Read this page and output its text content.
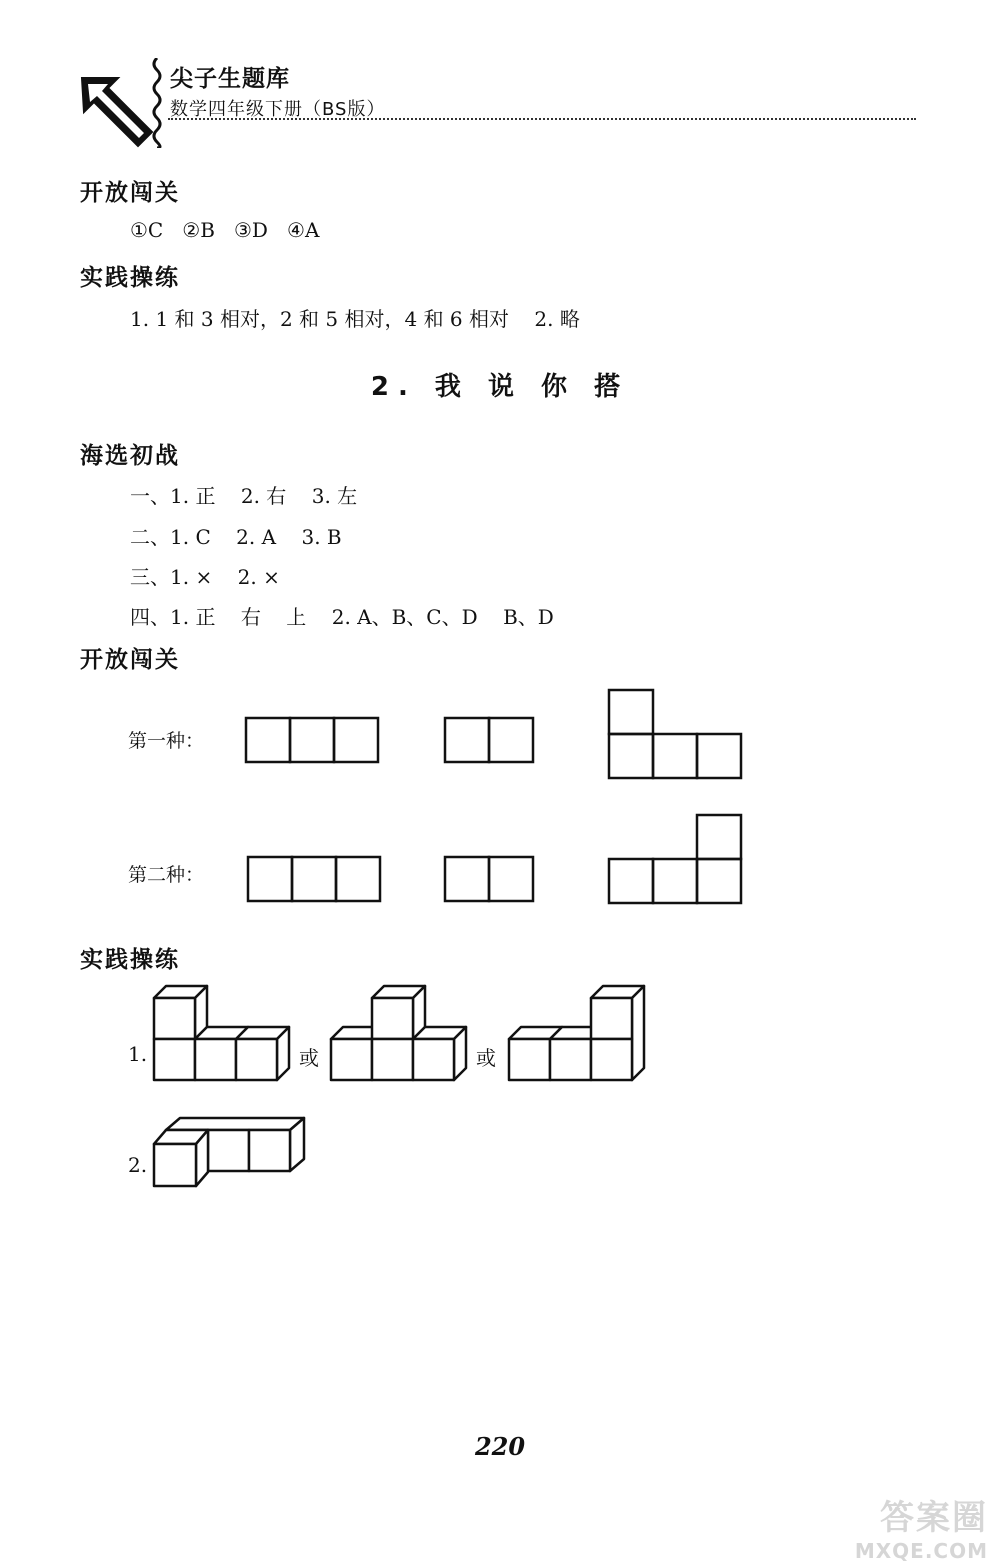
尖子生题库
数学四年级下册（BS版）
开放闯关
①C   ②B   ③D   ④A
实践操练
1. 1 和 3 相对，2 和 5 相对，4 和 6 相对    2. 略
2. 我 说 你 搭
海选初战
一、1. 正    2. 右    3. 左
二、1. C    2. A    3. B
三、1. ×    2. ×
四、1. 正    右    上    2. A、B、C、D    B、D
开放闯关
第一种：
第二种：
实践操练
1.	或	或
2.
220
答案圈
MXQE.COM
